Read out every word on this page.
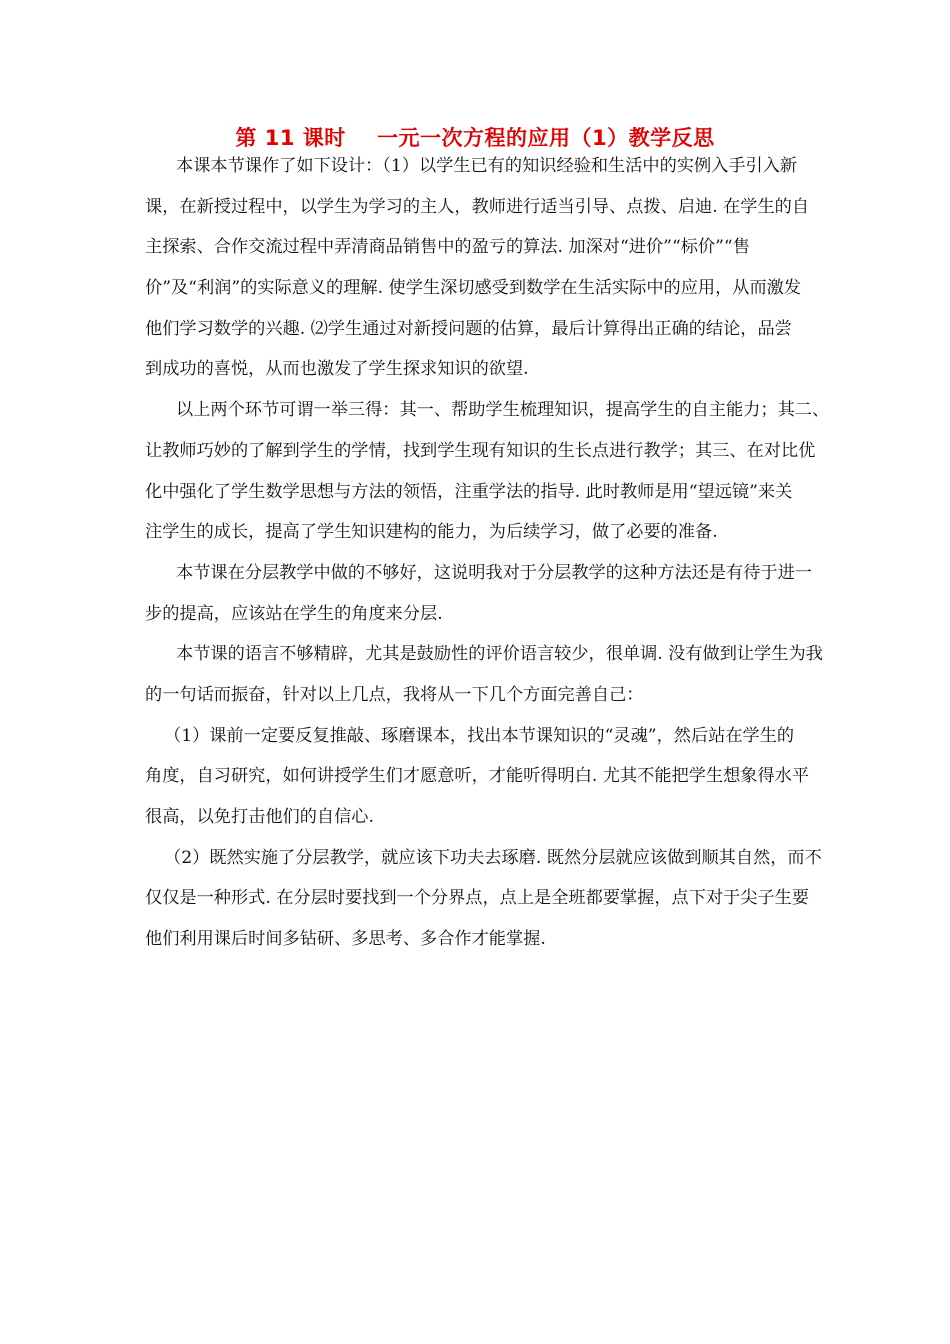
第 11 课时    一元一次方程的应用（1）教学反思
本课本节课作了如下设计：（1）以学生已有的知识经验和生活中的实例入手引入新
课，在新授过程中，以学生为学习的主人，教师进行适当引导、点拨、启迪. 在学生的自
主探索、合作交流过程中弄清商品销售中的盈亏的算法. 加深对“进价”“标价”“售
价”及“利润”的实际意义的理解. 使学生深切感受到数学在生活实际中的应用，从而激发
他们学习数学的兴趣. ⑵学生通过对新授问题的估算，最后计算得出正确的结论，品尝
到成功的喜悦，从而也激发了学生探求知识的欲望.
以上两个环节可谓一举三得：其一、帮助学生梳理知识，提高学生的自主能力；其二、
让教师巧妙的了解到学生的学情，找到学生现有知识的生长点进行教学；其三、在对比优
化中强化了学生数学思想与方法的领悟，注重学法的指导. 此时教师是用“望远镜”来关
注学生的成长，提高了学生知识建构的能力，为后续学习，做了必要的准备.
本节课在分层教学中做的不够好，这说明我对于分层教学的这种方法还是有待于进一
步的提高，应该站在学生的角度来分层.
本节课的语言不够精辟，尤其是鼓励性的评价语言较少，很单调. 没有做到让学生为我
的一句话而振奋，针对以上几点，我将从一下几个方面完善自己：
（1）课前一定要反复推敲、琢磨课本，找出本节课知识的“灵魂”，然后站在学生的
角度，自习研究，如何讲授学生们才愿意听，才能听得明白. 尤其不能把学生想象得水平
很高，以免打击他们的自信心.
（2）既然实施了分层教学，就应该下功夫去琢磨. 既然分层就应该做到顺其自然，而不
仅仅是一种形式. 在分层时要找到一个分界点，点上是全班都要掌握，点下对于尖子生要
他们利用课后时间多钻研、多思考、多合作才能掌握.
